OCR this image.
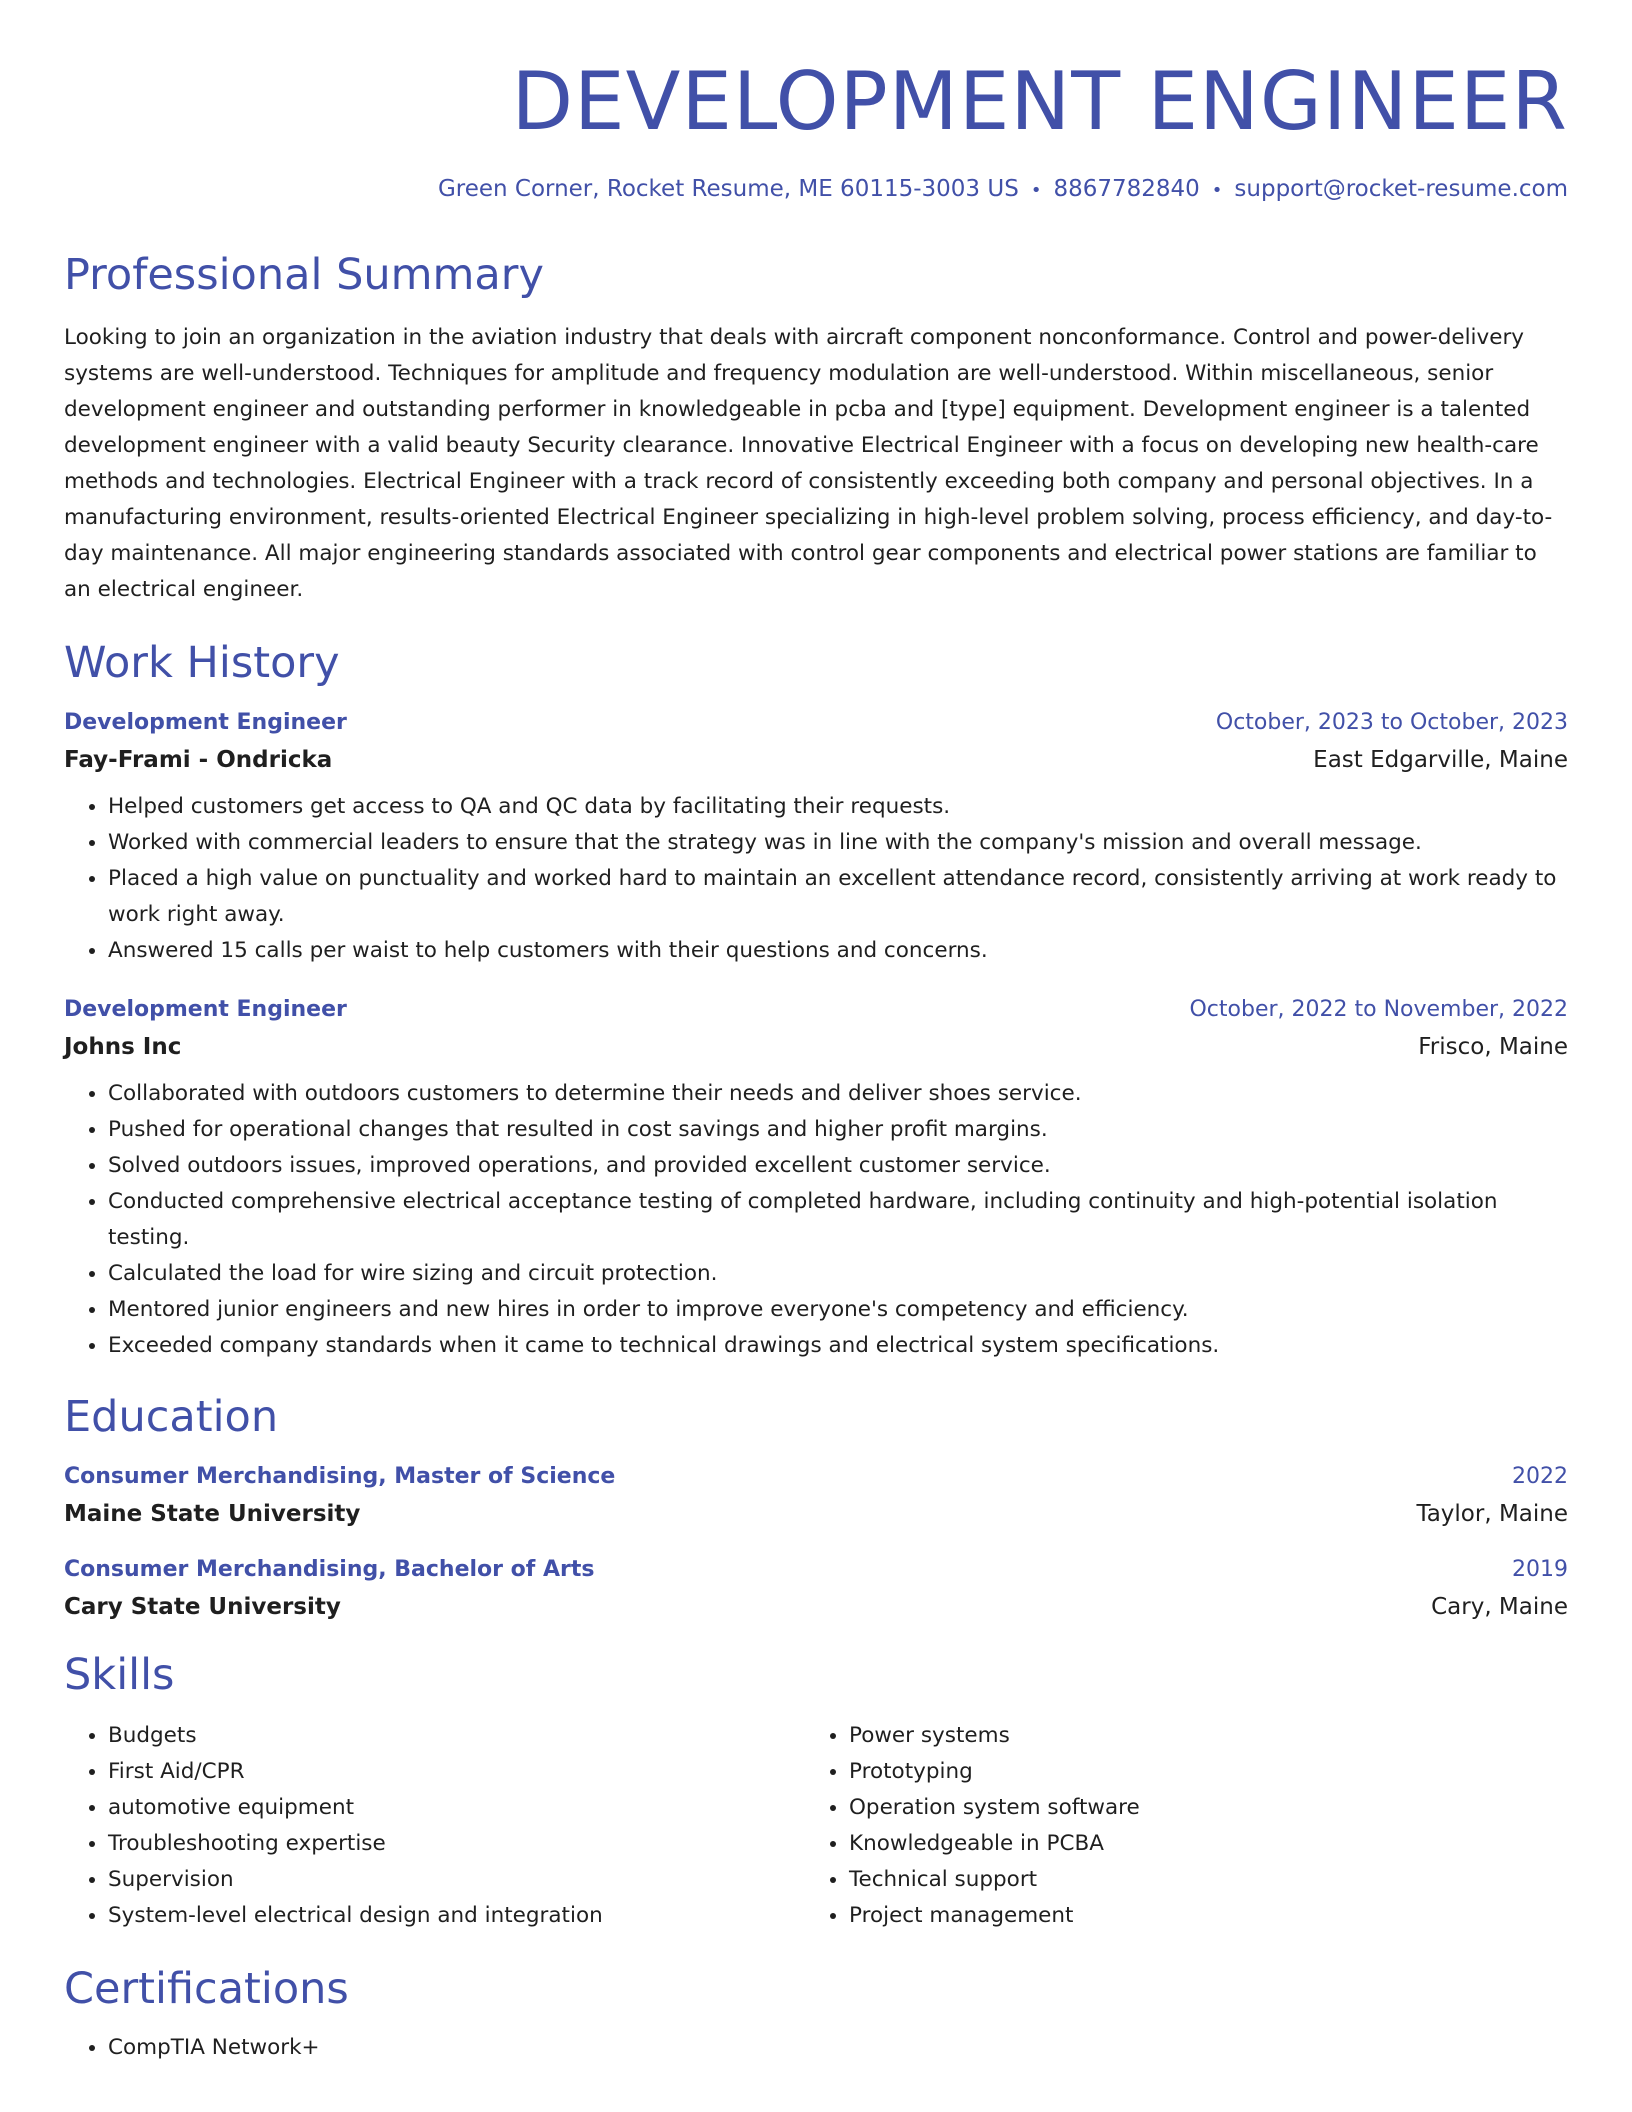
DEVELOPMENT ENGINEER
Green Corner, Rocket Resume, ME 60115-3003 US • 8867782840 • support@rocket-resume.com
Professional Summary
Looking to join an organization in the aviation industry that deals with aircraft component nonconformance. Control and power-delivery systems are well-understood. Techniques for amplitude and frequency modulation are well-understood. Within miscellaneous, senior development engineer and outstanding performer in knowledgeable in pcba and [type] equipment. Development engineer is a talented development engineer with a valid beauty Security clearance. Innovative Electrical Engineer with a focus on developing new health-care methods and technologies. Electrical Engineer with a track record of consistently exceeding both company and personal objectives. In a manufacturing environment, results-oriented Electrical Engineer specializing in high-level problem solving, process efficiency, and day-to-day maintenance. All major engineering standards associated with control gear components and electrical power stations are familiar to an electrical engineer.
Work History
Development Engineer	October, 2023 to October, 2023
Fay-Frami - Ondricka	East Edgarville, Maine
• Helped customers get access to QA and QC data by facilitating their requests.
• Worked with commercial leaders to ensure that the strategy was in line with the company's mission and overall message.
• Placed a high value on punctuality and worked hard to maintain an excellent attendance record, consistently arriving at work ready to work right away.
• Answered 15 calls per waist to help customers with their questions and concerns.
Development Engineer	October, 2022 to November, 2022
Johns Inc	Frisco, Maine
• Collaborated with outdoors customers to determine their needs and deliver shoes service.
• Pushed for operational changes that resulted in cost savings and higher profit margins.
• Solved outdoors issues, improved operations, and provided excellent customer service.
• Conducted comprehensive electrical acceptance testing of completed hardware, including continuity and high-potential isolation testing.
• Calculated the load for wire sizing and circuit protection.
• Mentored junior engineers and new hires in order to improve everyone's competency and efficiency.
• Exceeded company standards when it came to technical drawings and electrical system specifications.
Education
Consumer Merchandising, Master of Science	2022
Maine State University	Taylor, Maine
Consumer Merchandising, Bachelor of Arts	2019
Cary State University	Cary, Maine
Skills
• Budgets
• First Aid/CPR
• automotive equipment
• Troubleshooting expertise
• Supervision
• System-level electrical design and integration
• Power systems
• Prototyping
• Operation system software
• Knowledgeable in PCBA
• Technical support
• Project management
Certifications
• CompTIA Network+
